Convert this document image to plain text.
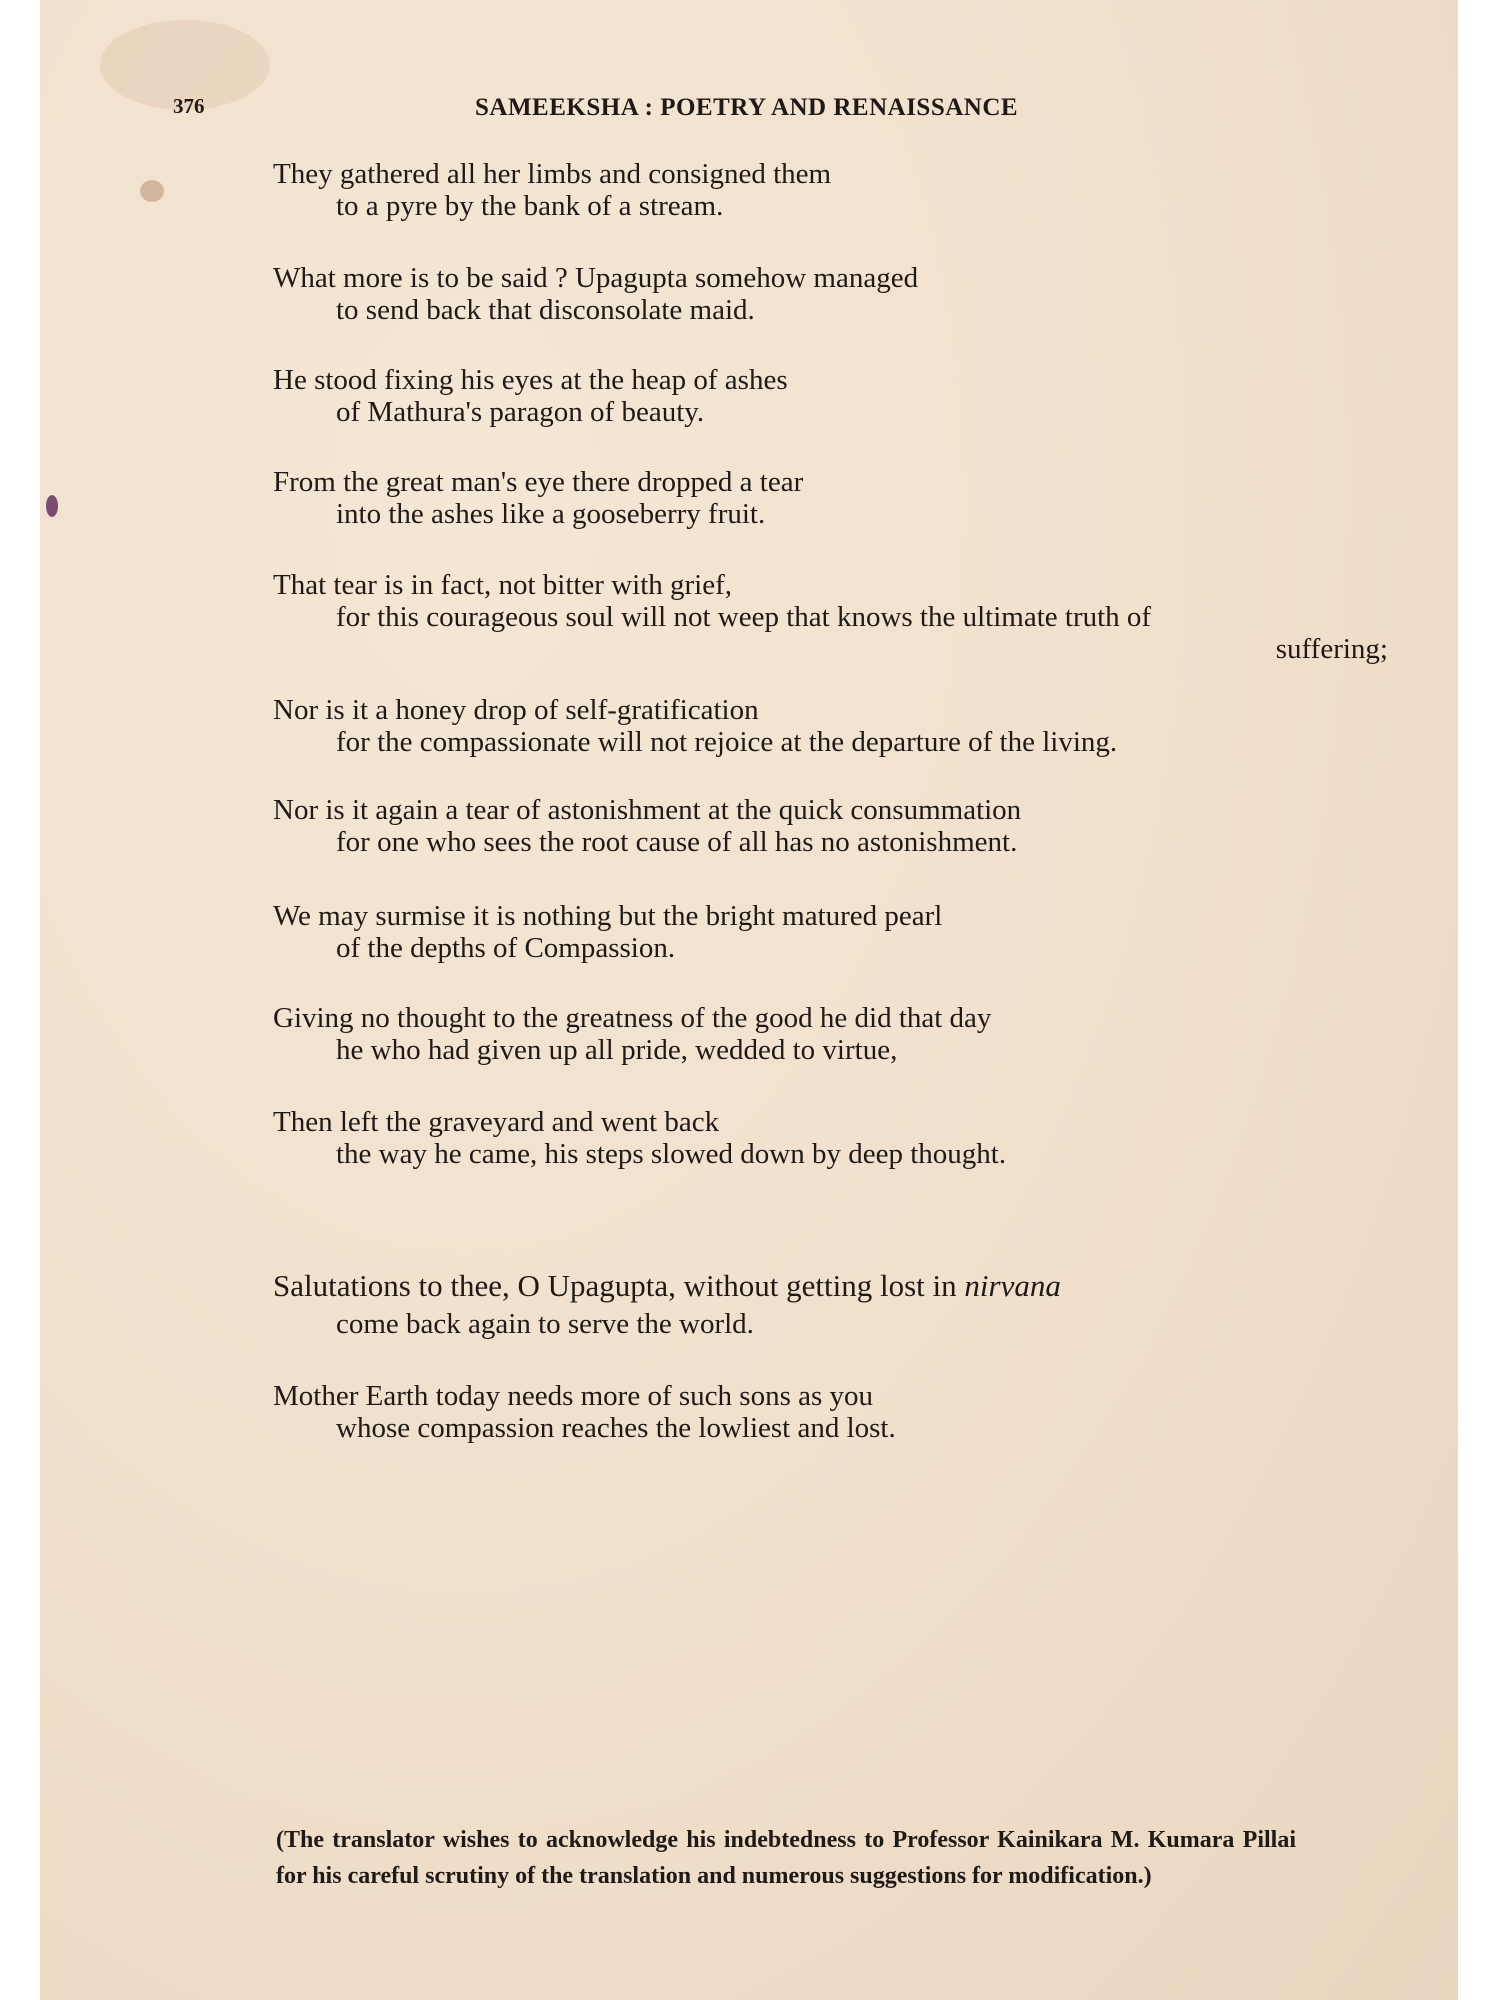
376	SAMEEKSHA : POETRY AND RENAISSANCE
They gathered all her limbs and consigned them
to a pyre by the bank of a stream.
What more is to be said ? Upagupta somehow managed
to send back that disconsolate maid.
He stood fixing his eyes at the heap of ashes
of Mathura's paragon of beauty.
From the great man's eye there dropped a tear
into the ashes like a gooseberry fruit.
That tear is in fact, not bitter with grief,
for this courageous soul will not weep that knows the ultimate truth of
suffering;
Nor is it a honey drop of self-gratification
for the compassionate will not rejoice at the departure of the living.
Nor is it again a tear of astonishment at the quick consummation
for one who sees the root cause of all has no astonishment.
We may surmise it is nothing but the bright matured pearl
of the depths of Compassion.
Giving no thought to the greatness of the good he did that day
he who had given up all pride, wedded to virtue,
Then left the graveyard and went back
the way he came, his steps slowed down by deep thought.
Salutations to thee, O Upagupta, without getting lost in nirvana
come back again to serve the world.
Mother Earth today needs more of such sons as you
whose compassion reaches the lowliest and lost.
(The translator wishes to acknowledge his indebtedness to Professor Kainikara M. Kumara Pillai for his careful scrutiny of the translation and numerous suggestions for modification.)
